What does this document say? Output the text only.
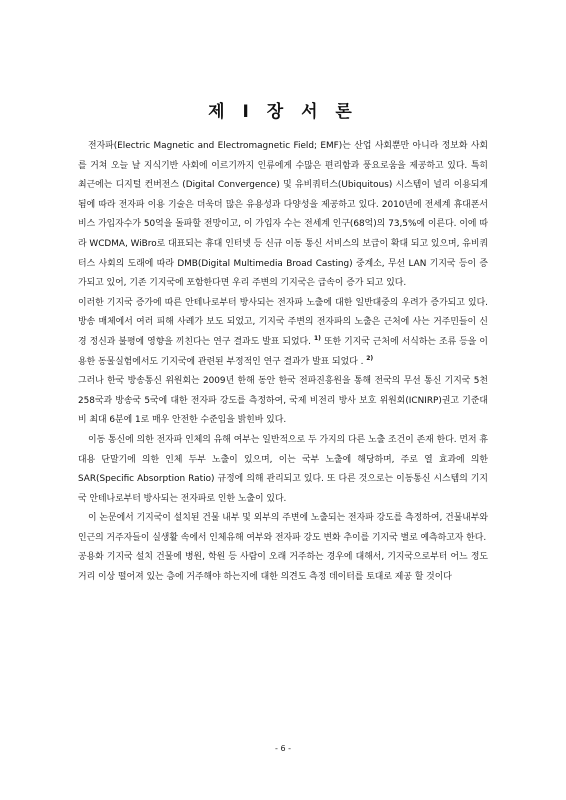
제 I 장 서 론

전자파(Electric Magnetic and Electromagnetic Field; EMF)는 산업 사회뿐만 아니라 정보화 사회를 거쳐 오늘 날 지식기반 사회에 이르기까지 인류에게 수많은 편리함과 풍요로움을 제공하고 있다. 특히 최근에는 디지털 컨버전스 (Digital Convergence) 및 유비쿼터스(Ubiquitous) 시스템이 널리 이용되게 됨에 따라 전자파 이용 기술은 더욱더 많은 유용성과 다양성을 제공하고 있다. 2010년에 전세계 휴대폰서비스 가입자수가 50억을 돌파할 전망이고, 이 가입자 수는 전세계 인구(68억)의 73,5%에 이른다. 이에 따라 WCDMA, WiBro로 대표되는 휴대 인터넷 등 신규 이동 통신 서비스의 보급이 확대 되고 있으며, 유비쿼터스 사회의 도래에 따라 DMB(Digital Multimedia Broad Casting) 중계소, 무선 LAN 기지국 등이 증가되고 있어, 기존 기지국에 포함한다면 우리 주변의 기지국은 급속이 증가 되고 있다.

이러한 기지국 증가에 따른 안테나로부터 방사되는 전자파 노출에 대한 일반대중의 우려가 증가되고 있다. 방송 매체에서 여러 피해 사례가 보도 되었고, 기지국 주변의 전자파의 노출은 근처에 사는 거주민들이 신경 정신과 불평에 영향을 끼친다는 연구 결과도 발표 되었다. $^{1)}$ 또한 기지국 근처에 서식하는 조류 등을 이용한 동물실험에서도 기지국에 관련된 부정적인 연구 결과가 발표 되었다 . $^{2)}$

그러나 한국 방송통신 위원회는 2009년 한해 동안 한국 전파진흥원을 통해 전국의 무선 통신 기지국 5천 258국과 방송국 5국에 대한 전자파 강도를 측정하여, 국제 비전리 방사 보호 위원회(ICNIRP)권고 기준대비 최대 6분에 1로 매우 안전한 수준임을 밝힌바 있다.

이동 통신에 의한 전자파 인체의 유해 여부는 일반적으로 두 가지의 다른 노출 조건이 존재 한다. 먼저 휴대용 단말기에 의한 인체 두부 노출이 있으며, 이는 국부 노출에 해당하며, 주로 열 효과에 의한 SAR(Specific Absorption Ratio) 규정에 의해 관리되고 있다. 또 다른 것으로는 이동통신 시스템의 기지국 안테나로부터 방사되는 전자파로 인한 노출이 있다.

이 논문에서 기지국이 설치된 건물 내부 및 외부의 주변에 노출되는 전자파 강도를 측정하여, 건물내부와 인근의 거주자들이 실생활 속에서 인체유해 여부와 전자파 강도 변화 추이를 기지국 별로 예측하고자 한다.

공용화 기지국 설치 건물에 병원, 학원 등 사람이 오래 거주하는 경우에 대해서, 기지국으로부터 어느 정도 거리 이상 떨어져 있는 층에 거주해야 하는지에 대한 의견도 측정 데이터를 토대로 제공 할 것이다

- 6 -
